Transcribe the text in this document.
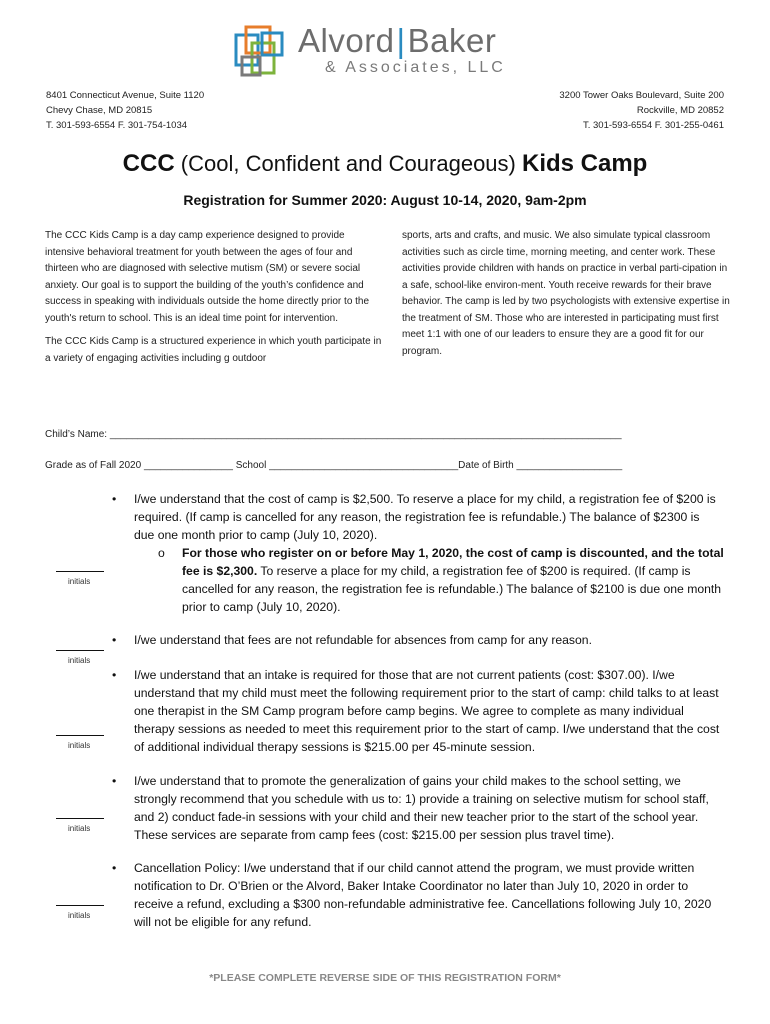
Alvord|Baker
& Associates, LLC
8401 Connecticut Avenue, Suite 1120
Chevy Chase, MD 20815
T. 301-593-6554 F. 301-754-1034
3200 Tower Oaks Boulevard, Suite 200
Rockville, MD 20852
T. 301-593-6554 F. 301-255-0461
CCC (Cool, Confident and Courageous) Kids Camp
Registration for Summer 2020: August 10-14, 2020, 9am-2pm

The CCC Kids Camp is a day camp experience designed to provide intensive behavioral treatment for youth between the ages of four and thirteen who are diagnosed with selective mutism (SM) or severe social anxiety. Our goal is to support the building of the youth’s confidence and success in speaking with individuals outside the home directly prior to the youth's return to school. This is an ideal time point for intervention.

The CCC Kids Camp is a structured experience in which youth participate in a variety of engaging activities including g outdoor

sports, arts and crafts, and music. We also simulate typical classroom activities such as circle time, morning meeting, and center work. These activities provide children with hands on practice in verbal parti-cipation in a safe, school-like environ-ment. Youth receive rewards for their brave behavior. The camp is led by two psychologists with extensive expertise in the treatment of SM. Those who are interested in participating must first meet 1:1 with one of our leaders to ensure they are a good fit for our program.

Child’s Name: ____________________________________________________________________________________________
Grade as of Fall 2020 ________________ School __________________________________Date of Birth ___________________
• I/we understand that the cost of camp is $2,500. To reserve a place for my child, a registration fee of $200 is required. (If camp is cancelled for any reason, the registration fee is refundable.) The balance of $2300 is due one month prior to camp (July 10, 2020).
o For those who register on or before May 1, 2020, the cost of camp is discounted, and the total fee is $2,300. To reserve a place for my child, a registration fee of $200 is required. (If camp is cancelled for any reason, the registration fee is refundable.) The balance of $2100 is due one month prior to camp (July 10, 2020).
initials
• I/we understand that fees are not refundable for absences from camp for any reason.
initials
• I/we understand that an intake is required for those that are not current patients (cost: $307.00). I/we understand that my child must meet the following requirement prior to the start of camp: child talks to at least one therapist in the SM Camp program before camp begins. We agree to complete as many individual therapy sessions as needed to meet this requirement prior to the start of camp. I/we understand that the cost of additional individual therapy sessions is $215.00 per 45-minute session.
initials
• I/we understand that to promote the generalization of gains your child makes to the school setting, we strongly recommend that you schedule with us to: 1) provide a training on selective mutism for school staff, and 2) conduct fade-in sessions with your child and their new teacher prior to the start of the school year. These services are separate from camp fees (cost: $215.00 per session plus travel time).
initials
• Cancellation Policy: I/we understand that if our child cannot attend the program, we must provide written notification to Dr. O’Brien or the Alvord, Baker Intake Coordinator no later than July 10, 2020 in order to receive a refund, excluding a $300 non-refundable administrative fee. Cancellations following July 10, 2020 will not be eligible for any refund.
initials
*PLEASE COMPLETE REVERSE SIDE OF THIS REGISTRATION FORM*
